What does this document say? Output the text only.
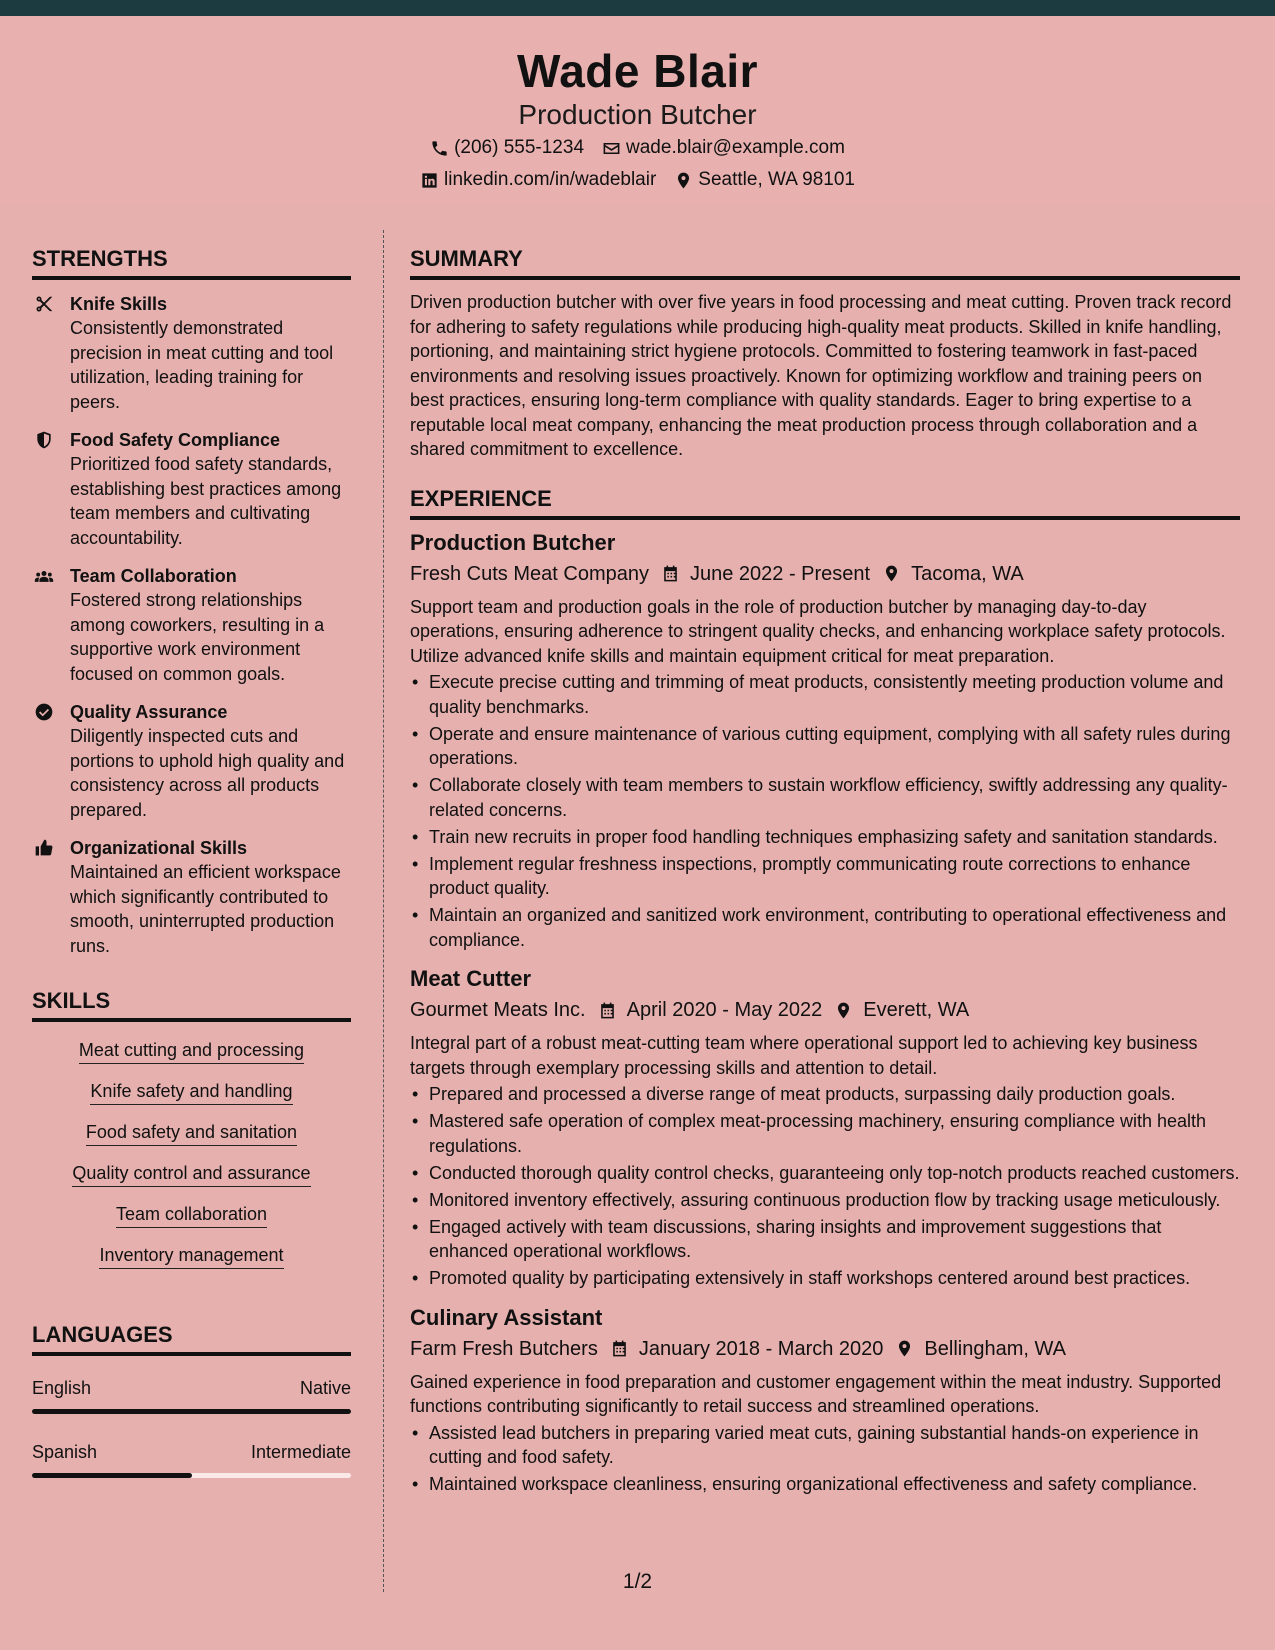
Wade Blair
Production Butcher
(206) 555-1234 wade.blair@example.com
linkedin.com/in/wadeblair Seattle, WA 98101
STRENGTHS
Knife Skills
Consistently demonstrated precision in meat cutting and tool utilization, leading training for peers.
Food Safety Compliance
Prioritized food safety standards, establishing best practices among team members and cultivating accountability.
Team Collaboration
Fostered strong relationships among coworkers, resulting in a supportive work environment focused on common goals.
Quality Assurance
Diligently inspected cuts and portions to uphold high quality and consistency across all products prepared.
Organizational Skills
Maintained an efficient workspace which significantly contributed to smooth, uninterrupted production runs.
SKILLS
Meat cutting and processing
Knife safety and handling
Food safety and sanitation
Quality control and assurance
Team collaboration
Inventory management
LANGUAGES
English	Native
Spanish	Intermediate
SUMMARY

Driven production butcher with over five years in food processing and meat cutting. Proven track record for adhering to safety regulations while producing high-quality meat products. Skilled in knife handling, portioning, and maintaining strict hygiene protocols. Committed to fostering teamwork in fast-paced environments and resolving issues proactively. Known for optimizing workflow and training peers on best practices, ensuring long-term compliance with quality standards. Eager to bring expertise to a reputable local meat company, enhancing the meat production process through collaboration and a shared commitment to excellence.

EXPERIENCE
Production Butcher
Fresh Cuts Meat Company June 2022 - Present Tacoma, WA

Support team and production goals in the role of production butcher by managing day-to-day operations, ensuring adherence to stringent quality checks, and enhancing workplace safety protocols. Utilize advanced knife skills and maintain equipment critical for meat preparation.

• Execute precise cutting and trimming of meat products, consistently meeting production volume and quality benchmarks.
• Operate and ensure maintenance of various cutting equipment, complying with all safety rules during operations.
• Collaborate closely with team members to sustain workflow efficiency, swiftly addressing any quality-related concerns.
• Train new recruits in proper food handling techniques emphasizing safety and sanitation standards.
• Implement regular freshness inspections, promptly communicating route corrections to enhance product quality.
• Maintain an organized and sanitized work environment, contributing to operational effectiveness and compliance.
Meat Cutter
Gourmet Meats Inc. April 2020 - May 2022 Everett, WA

Integral part of a robust meat-cutting team where operational support led to achieving key business targets through exemplary processing skills and attention to detail.

• Prepared and processed a diverse range of meat products, surpassing daily production goals.
• Mastered safe operation of complex meat-processing machinery, ensuring compliance with health regulations.
• Conducted thorough quality control checks, guaranteeing only top-notch products reached customers.
• Monitored inventory effectively, assuring continuous production flow by tracking usage meticulously.
• Engaged actively with team discussions, sharing insights and improvement suggestions that enhanced operational workflows.
• Promoted quality by participating extensively in staff workshops centered around best practices.
Culinary Assistant
Farm Fresh Butchers January 2018 - March 2020 Bellingham, WA

Gained experience in food preparation and customer engagement within the meat industry. Supported functions contributing significantly to retail success and streamlined operations.

• Assisted lead butchers in preparing varied meat cuts, gaining substantial hands-on experience in cutting and food safety.
• Maintained workspace cleanliness, ensuring organizational effectiveness and safety compliance.
1/2
